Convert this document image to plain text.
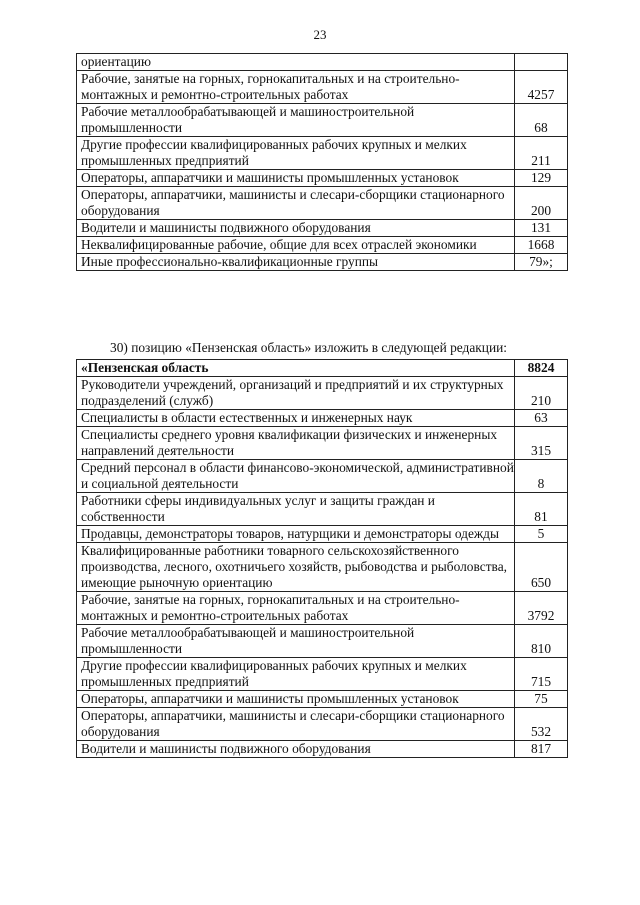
23
ориентацию	
Рабочие, занятые на горных, горнокапитальных и на строительно-монтажных и ремонтно-строительных работах	4257
Рабочие металлообрабатывающей и машиностроительной промышленности	68
Другие профессии квалифицированных рабочих крупных и мелких промышленных предприятий	211
Операторы, аппаратчики и машинисты промышленных установок	129
Операторы, аппаратчики, машинисты и слесари-сборщики стационарного оборудования	200
Водители и машинисты подвижного оборудования	131
Неквалифицированные рабочие, общие для всех отраслей экономики	1668
Иные профессионально-квалификационные группы	79»;
30) позицию «Пензенская область» изложить в следующей редакции:
«Пензенская область	8824
Руководители учреждений, организаций и предприятий и их структурных подразделений (служб)	210
Специалисты в области естественных и инженерных наук	63
Специалисты среднего уровня квалификации физических и инженерных направлений деятельности	315
Средний персонал в области финансово-экономической, административной и социальной деятельности	8
Работники сферы индивидуальных услуг и защиты граждан и собственности	81
Продавцы, демонстраторы товаров, натурщики и демонстраторы одежды	5
Квалифицированные работники товарного сельскохозяйственного производства, лесного, охотничьего хозяйств, рыбоводства и рыболовства, имеющие рыночную ориентацию	650
Рабочие, занятые на горных, горнокапитальных и на строительно-монтажных и ремонтно-строительных работах	3792
Рабочие металлообрабатывающей и машиностроительной промышленности	810
Другие профессии квалифицированных рабочих крупных и мелких промышленных предприятий	715
Операторы, аппаратчики и машинисты промышленных установок	75
Операторы, аппаратчики, машинисты и слесари-сборщики стационарного оборудования	532
Водители и машинисты подвижного оборудования	817
